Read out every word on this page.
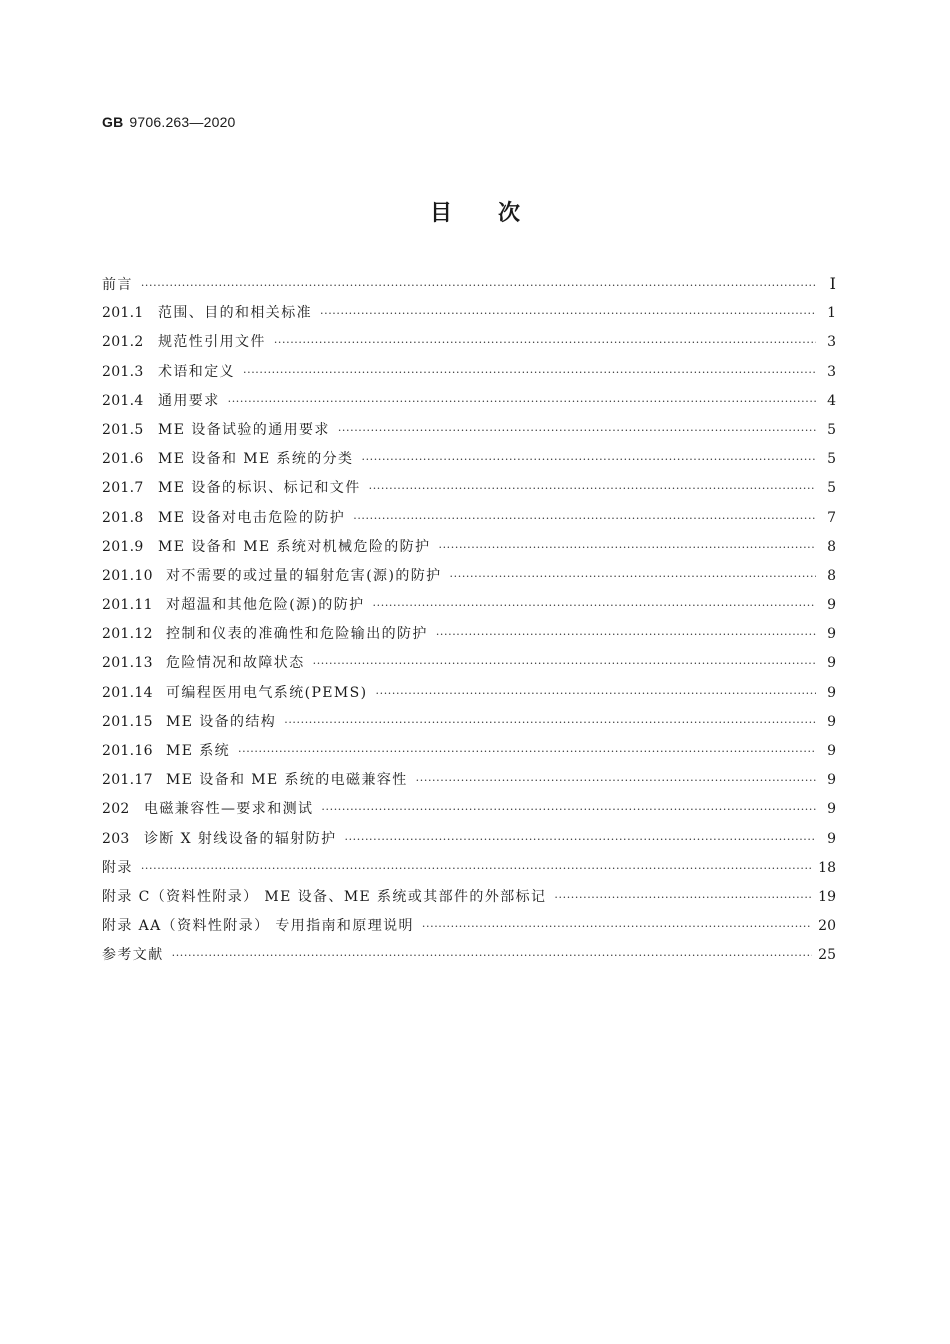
GB 9706.263—2020
目次
前言 ·····	Ⅰ
201.1	范围、目的和相关标准 ·····	1
201.2	规范性引用文件 ·····	3
201.3	术语和定义 ·····	3
201.4	通用要求 ·····	4
201.5	ME 设备试验的通用要求 ·····	5
201.6	ME 设备和 ME 系统的分类 ·····	5
201.7	ME 设备的标识、标记和文件 ·····	5
201.8	ME 设备对电击危险的防护 ·····	7
201.9	ME 设备和 ME 系统对机械危险的防护 ·····	8
201.10 对不需要的或过量的辐射危害(源)的防护 ·····	8
201.11 对超温和其他危险(源)的防护 ·····	9
201.12 控制和仪表的准确性和危险输出的防护 ·····	9
201.13 危险情况和故障状态 ·····	9
201.14 可编程医用电气系统(PEMS) ·····	9
201.15 ME 设备的结构 ·····	9
201.16 ME 系统 ·····	9
201.17 ME 设备和 ME 系统的电磁兼容性 ·····	9
202	电磁兼容性—要求和测试 ·····	9
203	诊断 X 射线设备的辐射防护 ·····	9
附录 ·····	18
附录 C（资料性附录） ME 设备、ME 系统或其部件的外部标记 ·····	19
附录 AA（资料性附录） 专用指南和原理说明 ·····	20
参考文献 ·····	25
